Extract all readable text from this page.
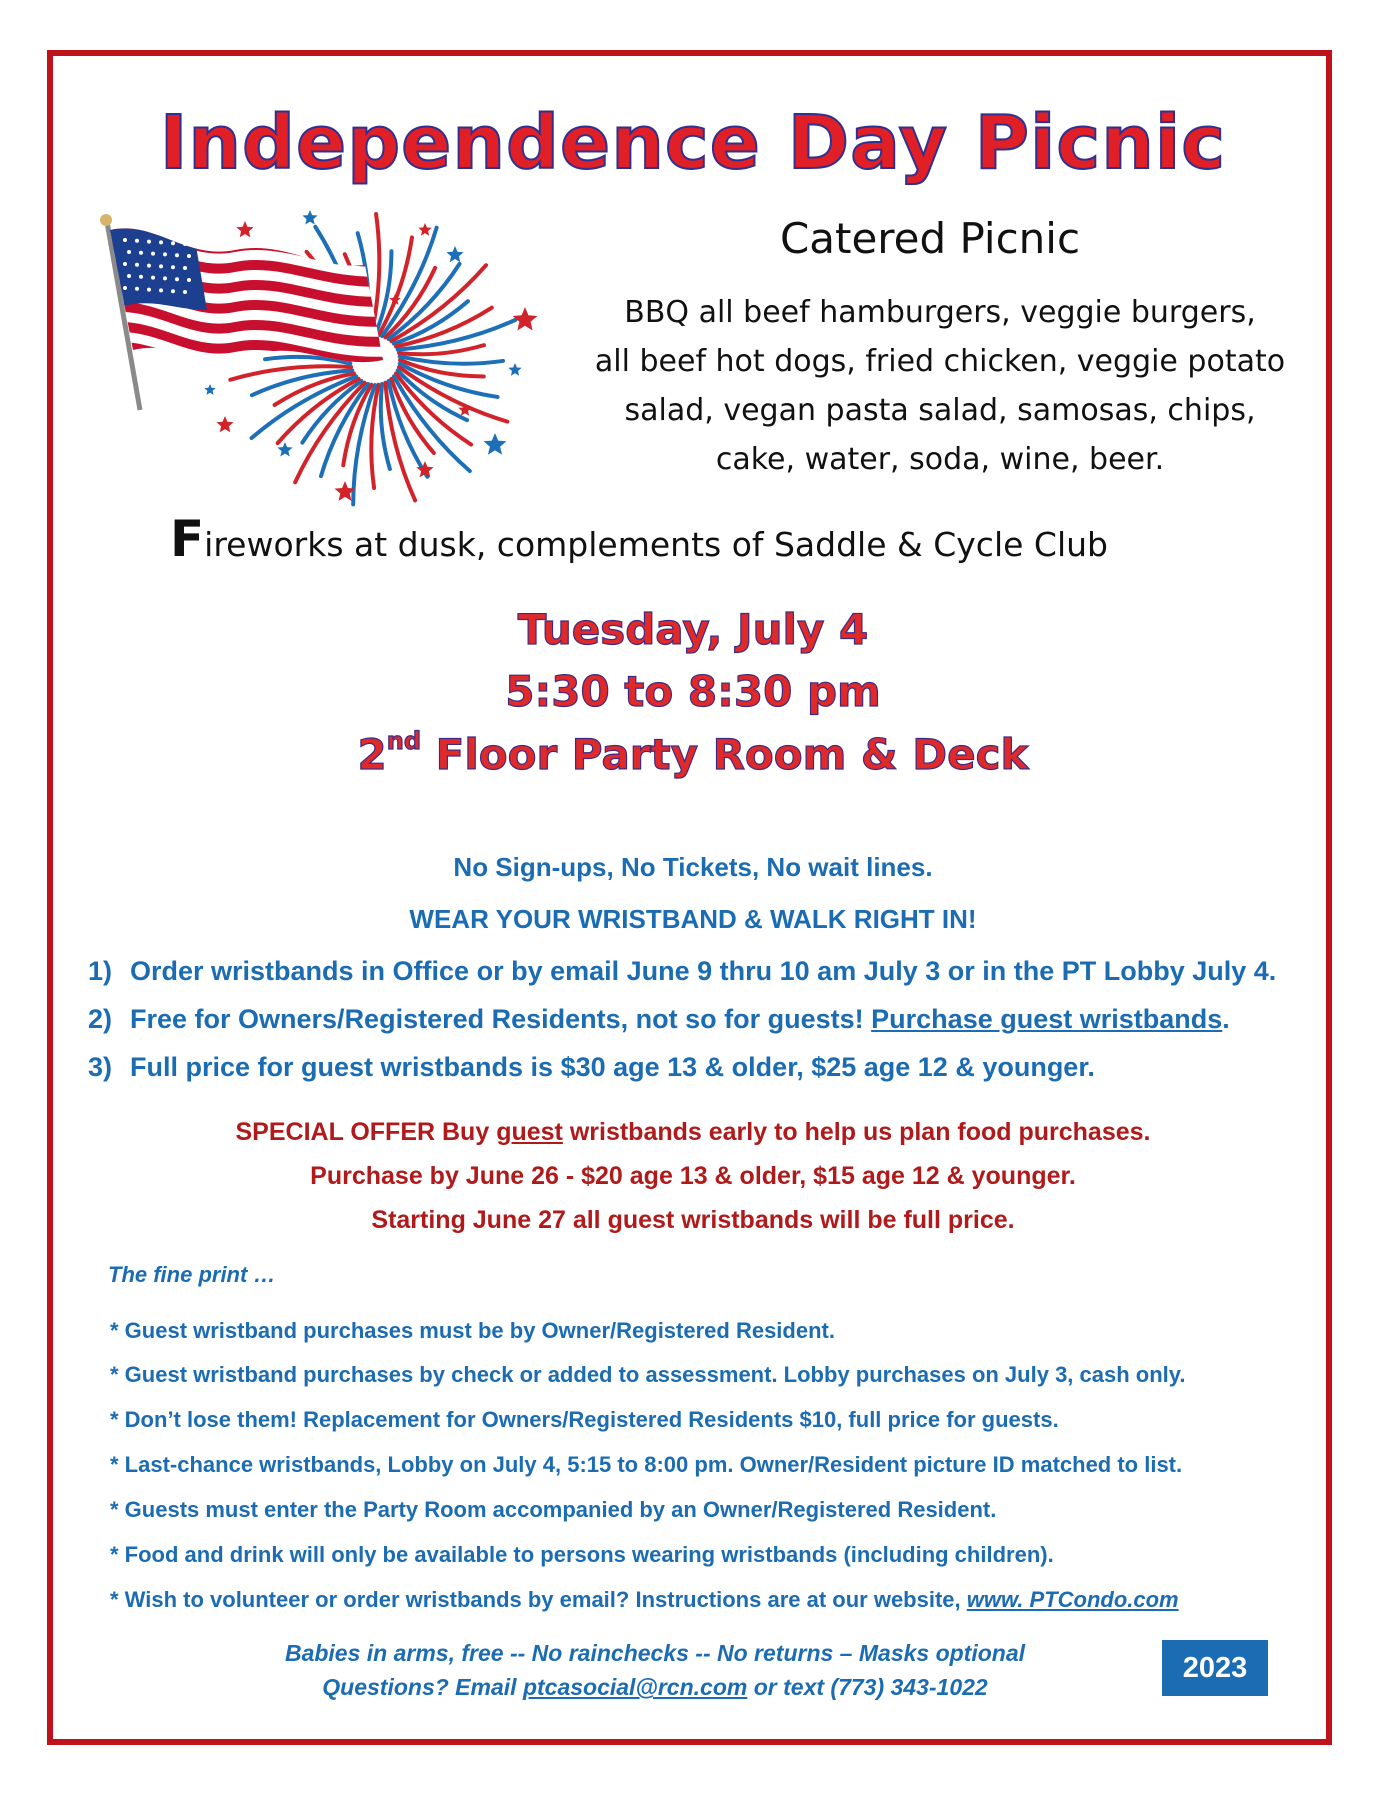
Independence Day Picnic
Catered Picnic
BBQ all beef hamburgers, veggie burgers,
all beef hot dogs, fried chicken, veggie potato
salad, vegan pasta salad, samosas, chips,
cake, water, soda, wine, beer.
Fireworks at dusk, complements of Saddle & Cycle Club
Tuesday, July 4
5:30 to 8:30 pm
2nd Floor Party Room & Deck
No Sign-ups, No Tickets, No wait lines.
WEAR YOUR WRISTBAND & WALK RIGHT IN!
1) Order wristbands in Office or by email June 9 thru 10 am July 3 or in the PT Lobby July 4.
2) Free for Owners/Registered Residents, not so for guests! Purchase guest wristbands.
3) Full price for guest wristbands is $30 age 13 & older, $25 age 12 & younger.
SPECIAL OFFER Buy guest wristbands early to help us plan food purchases.
Purchase by June 26 - $20 age 13 & older, $15 age 12 & younger.
Starting June 27 all guest wristbands will be full price.
The fine print …
* Guest wristband purchases must be by Owner/Registered Resident.
* Guest wristband purchases by check or added to assessment. Lobby purchases on July 3, cash only.
* Don’t lose them! Replacement for Owners/Registered Residents $10, full price for guests.
* Last-chance wristbands, Lobby on July 4, 5:15 to 8:00 pm. Owner/Resident picture ID matched to list.
* Guests must enter the Party Room accompanied by an Owner/Registered Resident.
* Food and drink will only be available to persons wearing wristbands (including children).
* Wish to volunteer or order wristbands by email? Instructions are at our website, www. PTCondo.com
Babies in arms, free -- No rainchecks -- No returns – Masks optional
Questions? Email ptcasocial@rcn.com or text (773) 343-1022
2023
